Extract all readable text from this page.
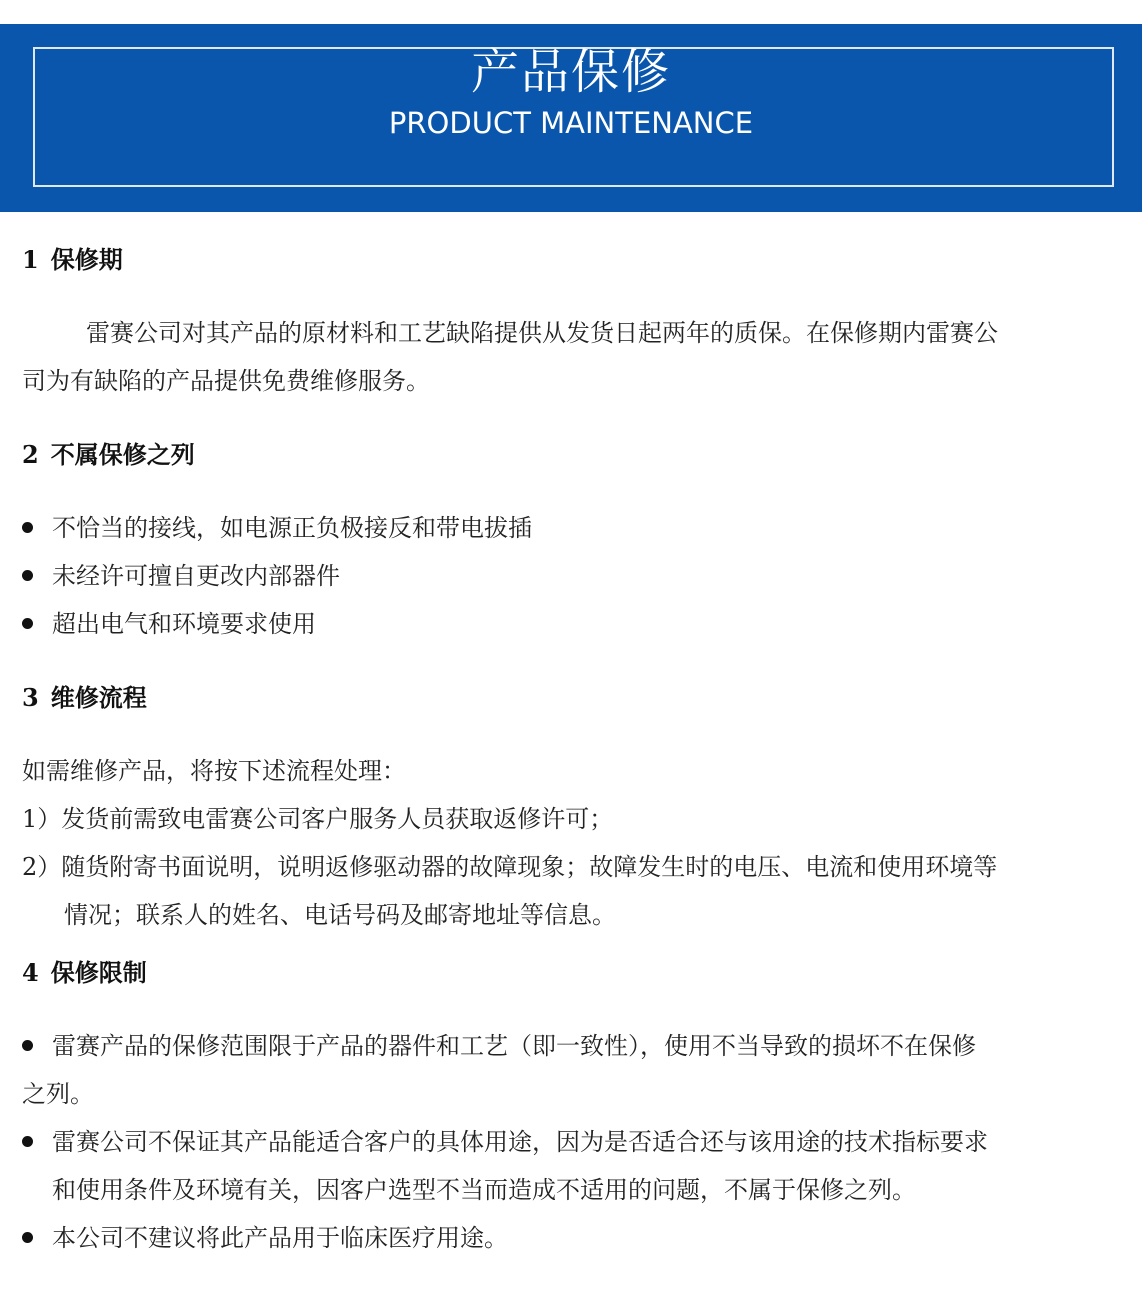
产品保修
PRODUCT MAINTENANCE
1 保修期
雷赛公司对其产品的原材料和工艺缺陷提供从发货日起两年的质保。在保修期内雷赛公
司为有缺陷的产品提供免费维修服务。
2 不属保修之列
不恰当的接线，如电源正负极接反和带电拔插
未经许可擅自更改内部器件
超出电气和环境要求使用
3 维修流程
如需维修产品，将按下述流程处理：
1）发货前需致电雷赛公司客户服务人员获取返修许可；
2）随货附寄书面说明，说明返修驱动器的故障现象；故障发生时的电压、电流和使用环境等
情况；联系人的姓名、电话号码及邮寄地址等信息。
4 保修限制
雷赛产品的保修范围限于产品的器件和工艺（即一致性），使用不当导致的损坏不在保修
之列。
雷赛公司不保证其产品能适合客户的具体用途，因为是否适合还与该用途的技术指标要求
和使用条件及环境有关，因客户选型不当而造成不适用的问题，不属于保修之列。
本公司不建议将此产品用于临床医疗用途。
